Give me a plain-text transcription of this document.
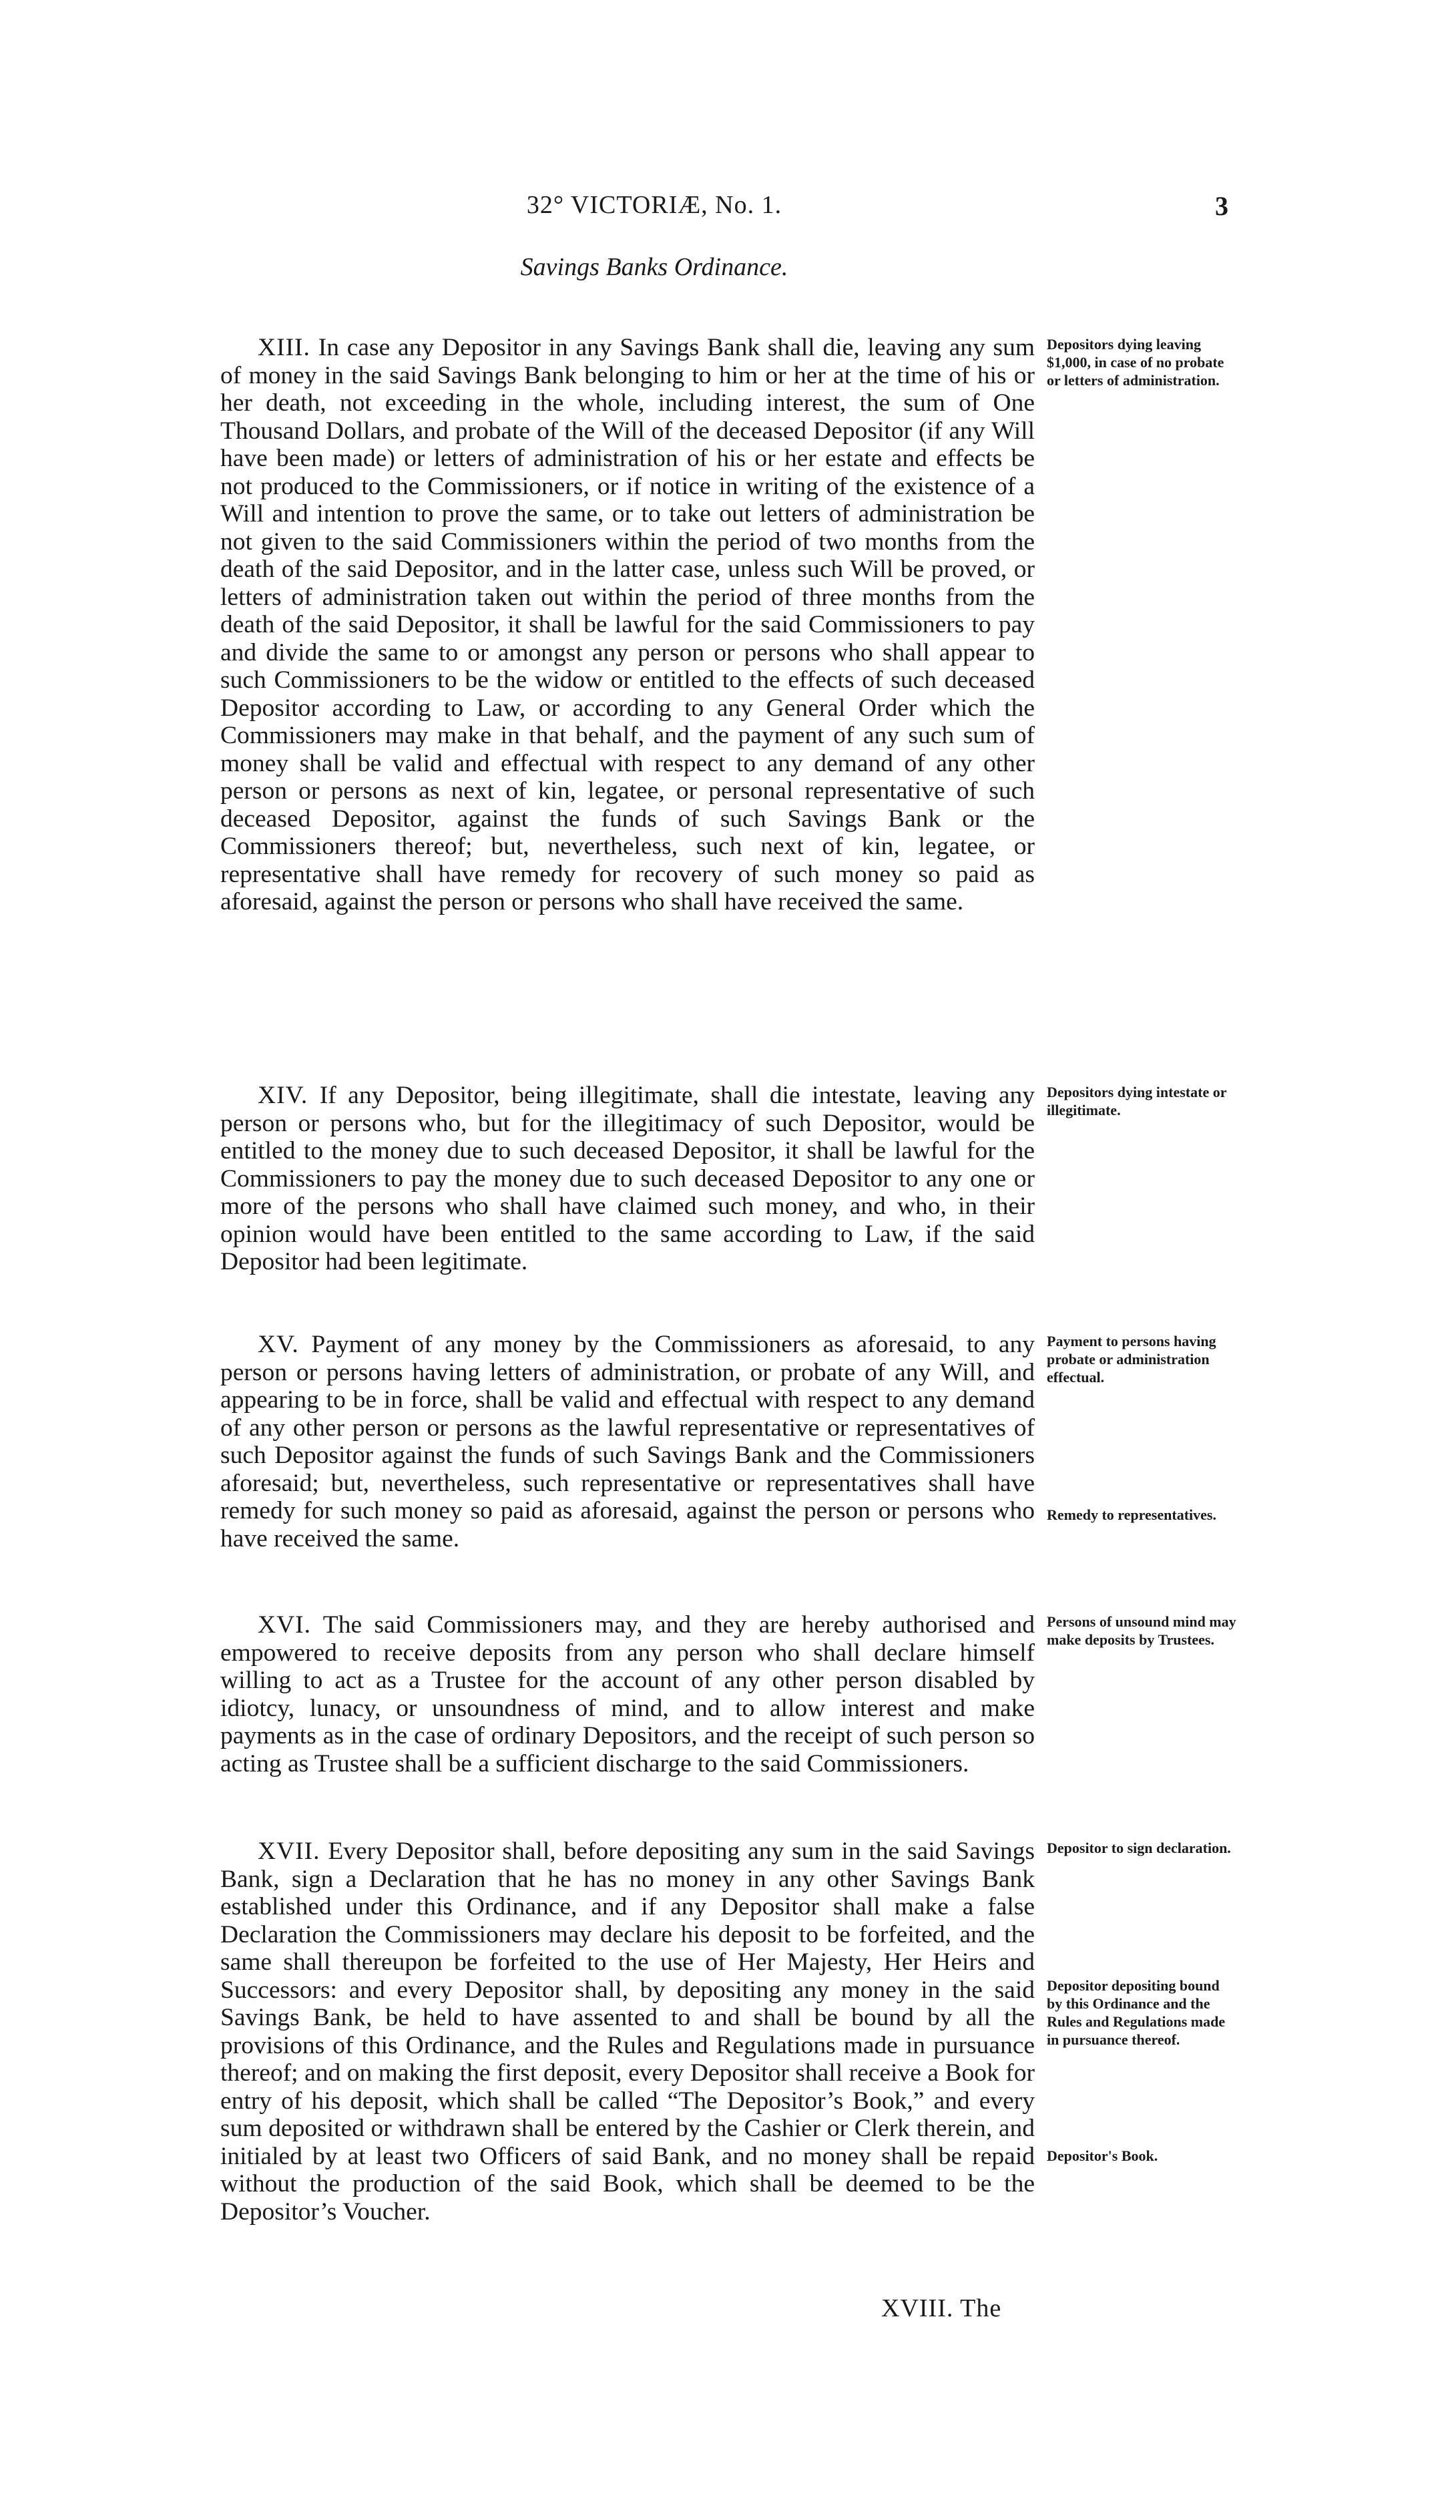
32° VICTORIÆ, No. 1.	3
Savings Banks Ordinance.
XIII. In case any Depositor in any Savings Bank shall die, leaving any sum of money in the said Savings Bank belonging to him or her at the time of his or her death, not exceeding in the whole, including interest, the sum of One Thousand Dollars, and probate of the Will of the deceased Depositor (if any Will have been made) or letters of administration of his or her estate and effects be not produced to the Commissioners, or if notice in writing of the existence of a Will and intention to prove the same, or to take out letters of administration be not given to the said Commissioners within the period of two months from the death of the said Depositor, and in the latter case, unless such Will be proved, or letters of administration taken out within the period of three months from the death of the said Depositor, it shall be lawful for the said Commissioners to pay and divide the same to or amongst any person or persons who shall appear to such Commissioners to be the widow or entitled to the effects of such deceased Depositor according to Law, or according to any General Order which the Commissioners may make in that behalf, and the payment of any such sum of money shall be valid and effectual with respect to any demand of any other person or persons as next of kin, legatee, or personal representative of such deceased Depositor, against the funds of such Savings Bank or the Commissioners thereof; but, nevertheless, such next of kin, legatee, or representative shall have remedy for recovery of such money so paid as aforesaid, against the person or persons who shall have received the same.
XIV. If any Depositor, being illegitimate, shall die intestate, leaving any person or persons who, but for the illegitimacy of such Depositor, would be entitled to the money due to such deceased Depositor, it shall be lawful for the Commissioners to pay the money due to such deceased Depositor to any one or more of the persons who shall have claimed such money, and who, in their opinion would have been entitled to the same according to Law, if the said Depositor had been legitimate.
XV. Payment of any money by the Commissioners as aforesaid, to any person or persons having letters of administration, or probate of any Will, and appearing to be in force, shall be valid and effectual with respect to any demand of any other person or persons as the lawful representative or representatives of such Depositor against the funds of such Savings Bank and the Commissioners aforesaid; but, nevertheless, such representative or representatives shall have remedy for such money so paid as aforesaid, against the person or persons who have received the same.
XVI. The said Commissioners may, and they are hereby authorised and empowered to receive deposits from any person who shall declare himself willing to act as a Trustee for the account of any other person disabled by idiotcy, lunacy, or unsoundness of mind, and to allow interest and make payments as in the case of ordinary Depositors, and the receipt of such person so acting as Trustee shall be a sufficient discharge to the said Commissioners.
XVII. Every Depositor shall, before depositing any sum in the said Savings Bank, sign a Declaration that he has no money in any other Savings Bank established under this Ordinance, and if any Depositor shall make a false Declaration the Commissioners may declare his deposit to be forfeited, and the same shall thereupon be forfeited to the use of Her Majesty, Her Heirs and Successors: and every Depositor shall, by depositing any money in the said Savings Bank, be held to have assented to and shall be bound by all the provisions of this Ordinance, and the Rules and Regulations made in pursuance thereof; and on making the first deposit, every Depositor shall receive a Book for entry of his deposit, which shall be called “The Depositor’s Book,” and every sum deposited or withdrawn shall be entered by the Cashier or Clerk therein, and initialed by at least two Officers of said Bank, and no money shall be repaid without the production of the said Book, which shall be deemed to be the Depositor’s Voucher.
Depositors dying leaving $1,000, in case of no probate or letters of administration.
Depositors dying intestate or illegitimate.
Payment to persons having probate or administration effectual.
Remedy to representatives.
Persons of unsound mind may make deposits by Trustees.
Depositor to sign declaration.
Depositor depositing bound by this Ordinance and the Rules and Regulations made in pursuance thereof.
Depositor's Book.
XVIII. The
